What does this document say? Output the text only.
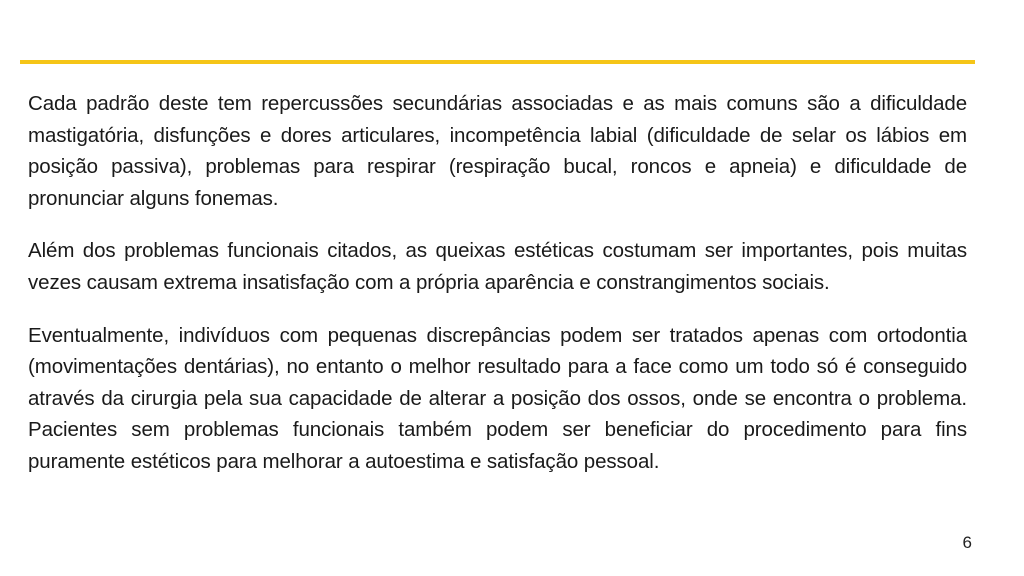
Cada padrão deste tem repercussões secundárias associadas e as mais comuns são a dificuldade mastigatória, disfunções e dores articulares, incompetência labial (dificuldade de selar os lábios em posição passiva), problemas para respirar (respiração bucal, roncos e apneia) e dificuldade de pronunciar alguns fonemas.

Além dos problemas funcionais citados, as queixas estéticas costumam ser importantes, pois muitas vezes causam extrema insatisfação com a própria aparência e constrangimentos sociais.

Eventualmente, indivíduos com pequenas discrepâncias podem ser tratados apenas com ortodontia (movimentações dentárias), no entanto o melhor resultado para a face como um todo só é conseguido através da cirurgia pela sua capacidade de alterar a posição dos ossos, onde se encontra o problema. Pacientes sem problemas funcionais também podem ser beneficiar do procedimento para fins puramente estéticos para melhorar a autoestima e satisfação pessoal.

6
